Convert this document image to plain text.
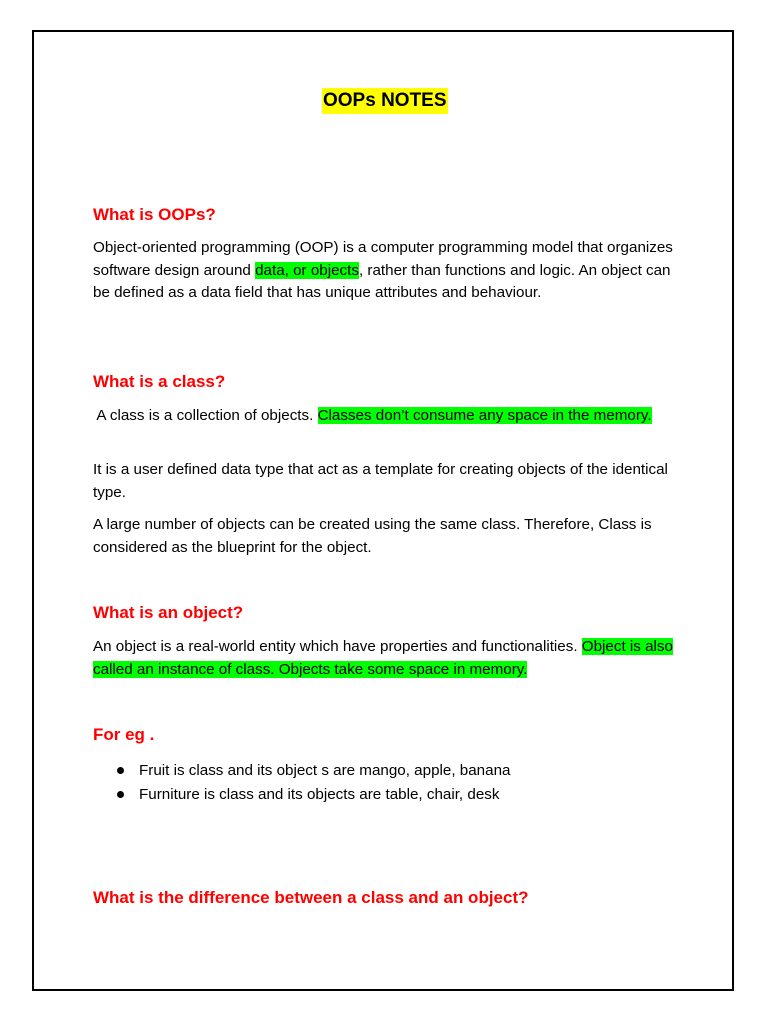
OOPs NOTES
What is OOPs?
Object-oriented programming (OOP) is a computer programming model that organizes software design around data, or objects, rather than functions and logic. An object can be defined as a data field that has unique attributes and behaviour.
What is a class?
A class is a collection of objects. Classes don’t consume any space in the memory.
It is a user defined data type that act as a template for creating objects of the identical type.
A large number of objects can be created using the same class. Therefore, Class is considered as the blueprint for the object.
What is an object?
An object is a real-world entity which have properties and functionalities. Object is also called an instance of class. Objects take some space in memory.
For eg .
Fruit is class and its object s are mango, apple, banana
Furniture is class and its objects are table, chair, desk
What is the difference between a class and an object?
